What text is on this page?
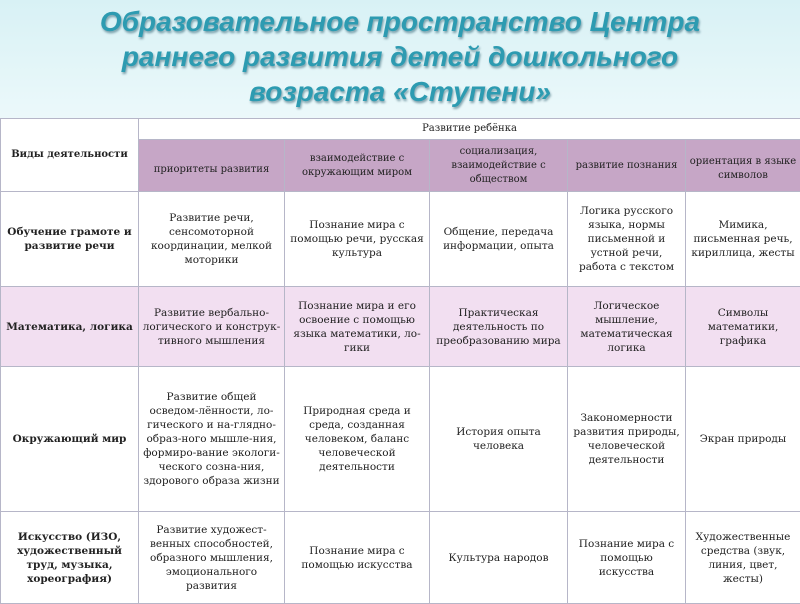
Образовательное пространство Центра
раннего развития детей дошкольного
возраста «Ступени»
Виды деятельности	Развитие ребёнка				

	приоритеты развития	взаимодействие с окружающим миром	социализация, взаимодействие с обществом	развитие познания	ориентация в языке символов

Обучение грамоте и развитие речи	Развитие речи, сенсомоторной координации, мелкой моторики	Познание мира с помощью речи, русская культура	Общение, передача информации, опыта	Логика русского языка, нормы письменной и устной речи, работа с текстом	Мимика, письменная речь, кириллица, жесты
Математика, логика	Развитие вербально-логического и конструк-тивного мышления	Познание мира и его освоение с помощью языка математики, ло-гики	Практическая деятельность по преобразованию мира	Логическое мышление, математическая логика	Символы математики, графика
Окружающий мир	Развитие общей осведом-лённости, ло-гического и на-глядно-образ-ного мышле-ния, формиро-вание экологи-ческого созна-ния, здорового образа жизни	Природная среда и среда, созданная человеком, баланс человеческой деятельности	История опыта человека	Закономерности развития природы, человеческой деятельности	Экран природы
Искусство (ИЗО, художественный труд, музыка, хореография)	Развитие художест-венных способностей, образного мышления, эмоционального развития	Познание мира с помощью искусства	Культура народов	Познание мира с помощью искусства	Художественные средства (звук, линия, цвет, жесты)
